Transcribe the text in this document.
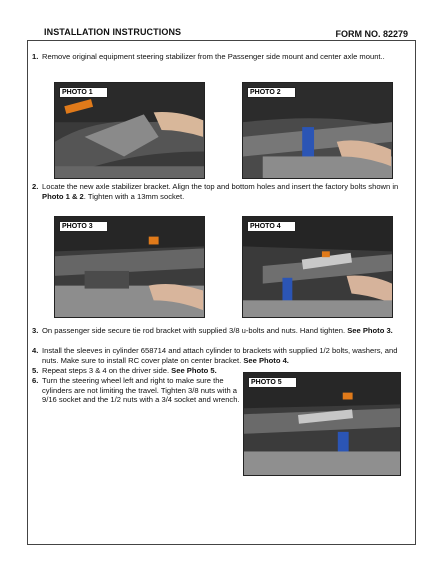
INSTALLATION INSTRUCTIONS	FORM NO. 82279
1. Remove original equipment steering stabilizer from the Passenger side mount and center axle mount..
PHOTO 1	PHOTO 2
2. Locate the new axle stabilizer bracket. Align the top and bottom holes and insert the factory bolts shown in Photo 1 & 2. Tighten with a 13mm socket.
PHOTO 3	PHOTO 4
3. On passenger side secure tie rod bracket with supplied 3/8 u-bolts and nuts. Hand tighten. See Photo 3.
4. Install the sleeves in cylinder 658714 and attach cylinder to brackets with supplied 1/2 bolts, washers, and nuts. Make sure to install RC cover plate on center bracket. See Photo 4.
5. Repeat steps 3 & 4 on the driver side. See Photo 5.
6. Turn the steering wheel left and right to make sure the cylinders are not limiting the travel. Tighten 3/8 nuts with a 9/16 socket and the 1/2 nuts with a 3/4 socket and wrench.
PHOTO 5
